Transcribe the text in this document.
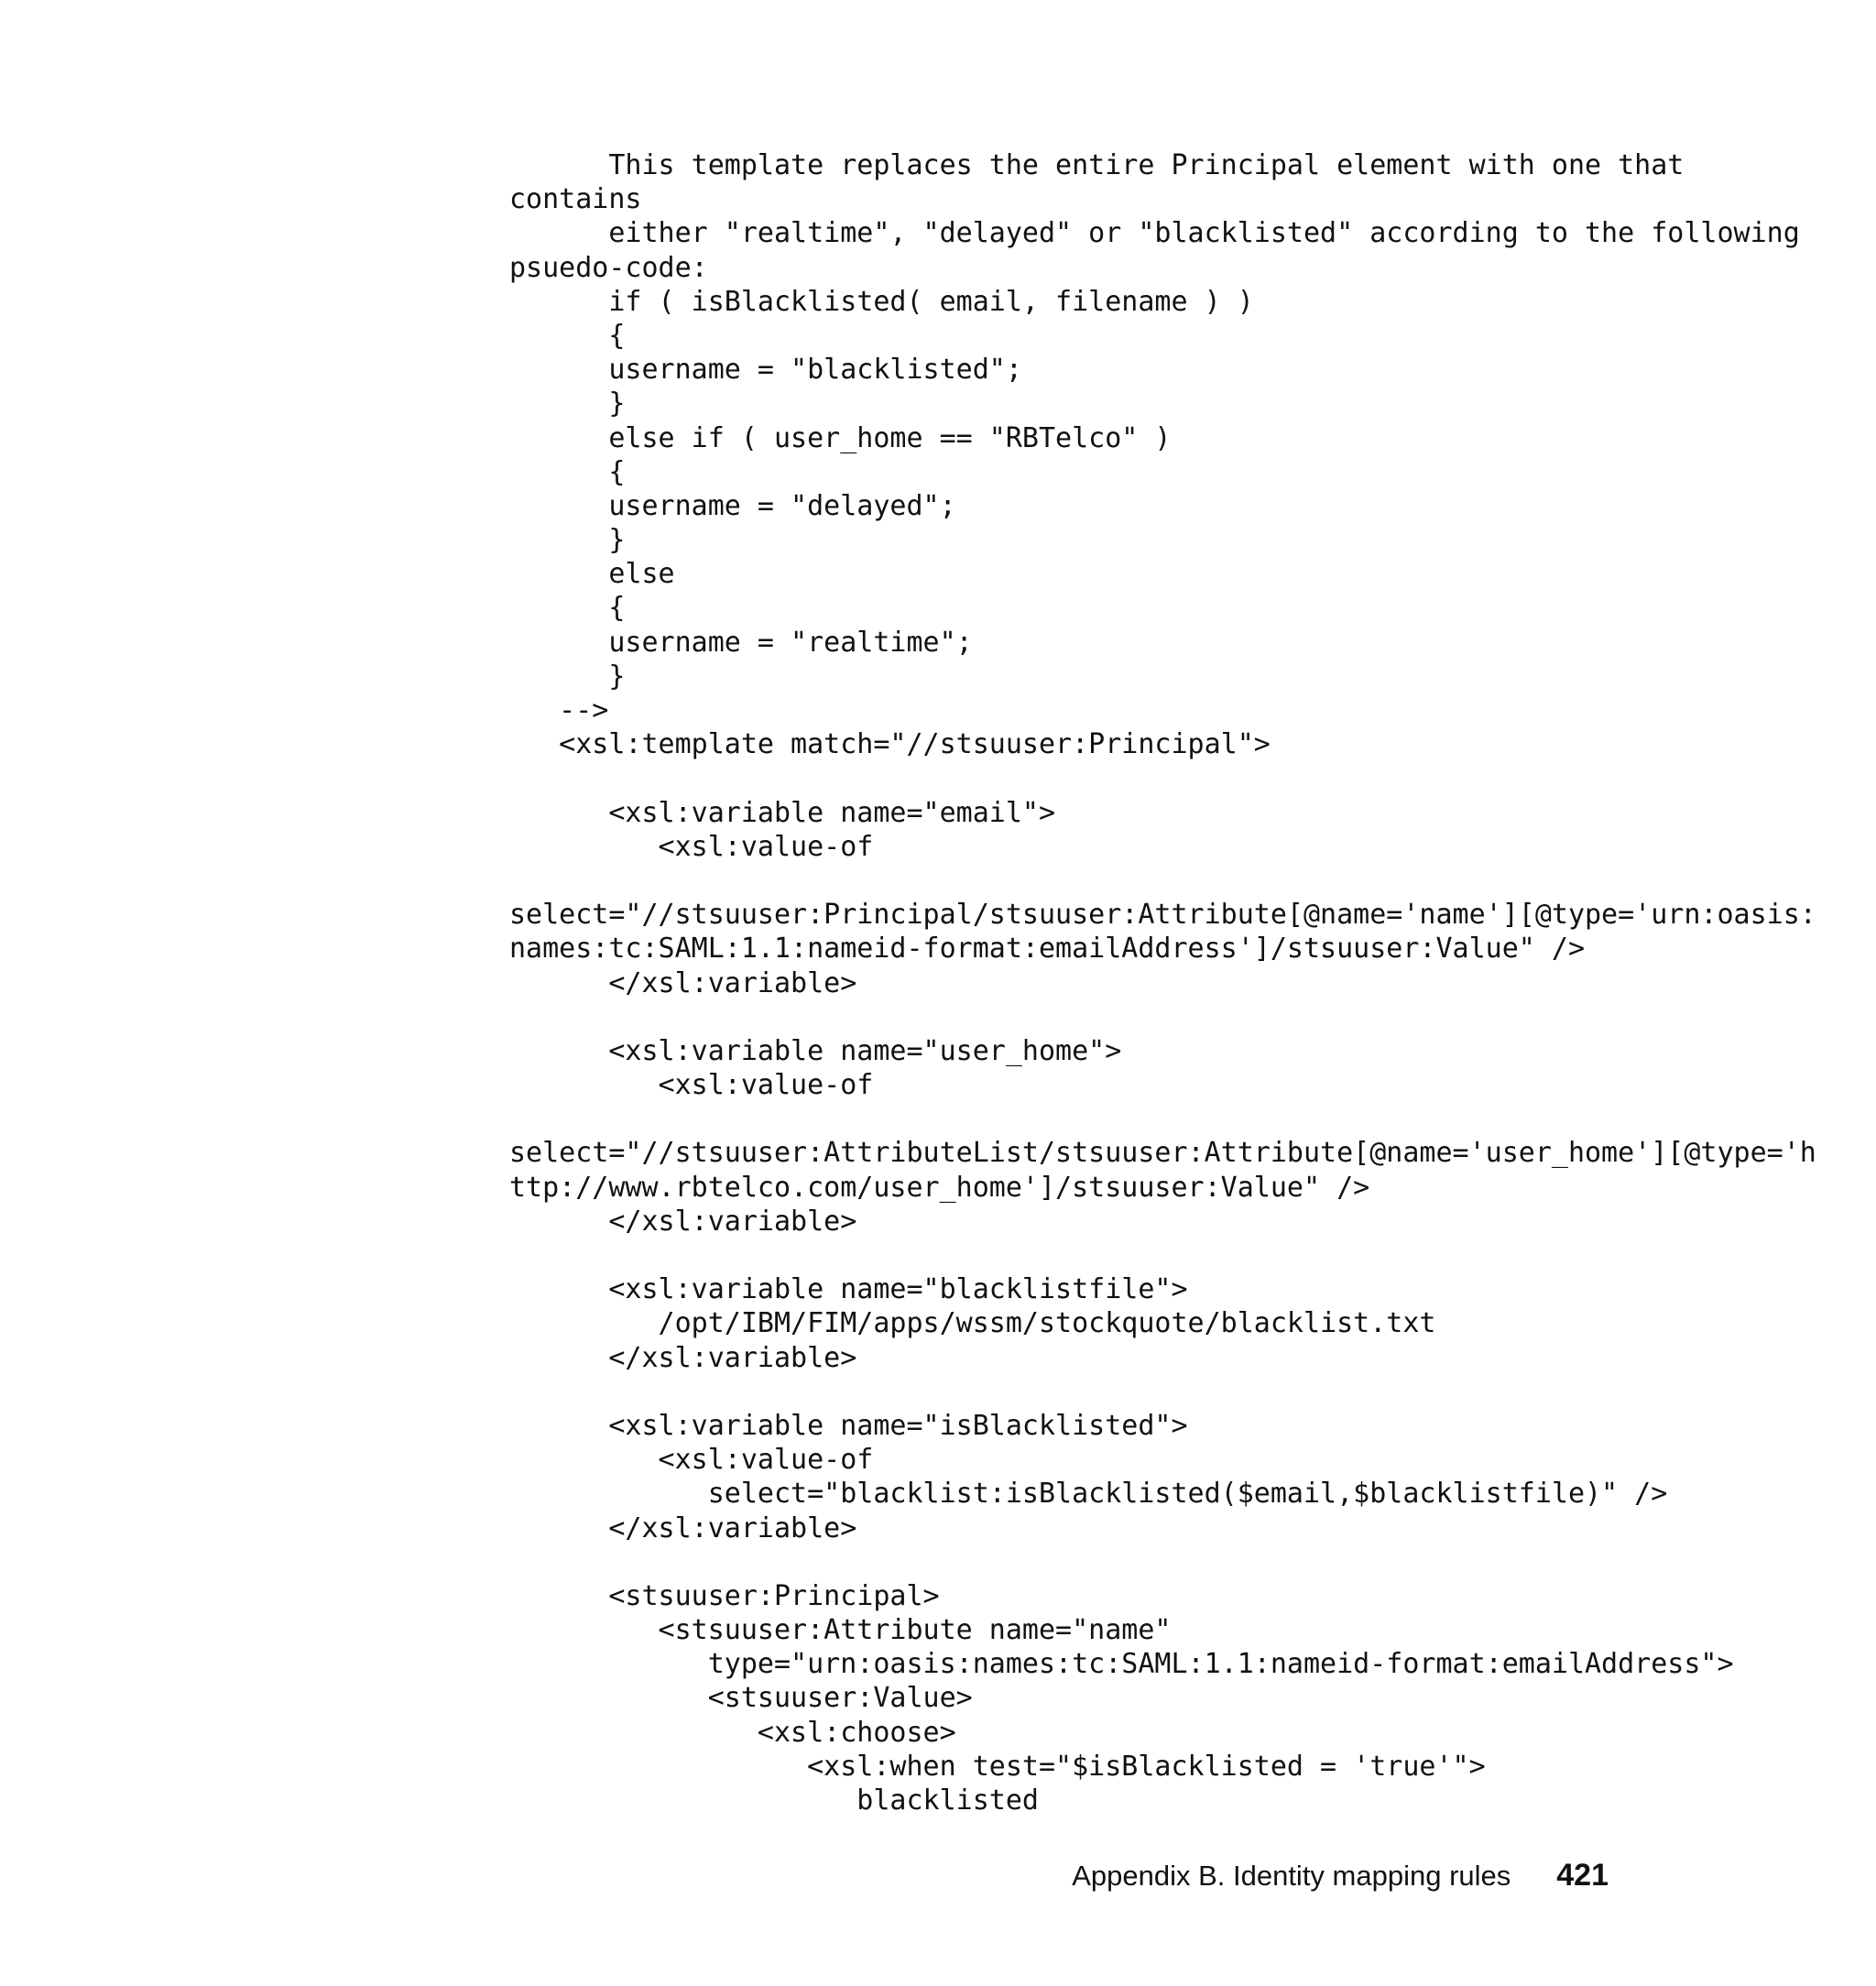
This template replaces the entire Principal element with one that
contains
either "realtime", "delayed" or "blacklisted" according to the following
psuedo-code:
if ( isBlacklisted( email, filename ) )
{
username = "blacklisted";
}
else if ( user_home == "RBTelco" )
{
username = "delayed";
}
else
{
username = "realtime";
}
-->
<xsl:template match="//stsuuser:Principal">
<xsl:variable name="email">
<xsl:value-of
select="//stsuuser:Principal/stsuuser:Attribute[@name='name'][@type='urn:oasis:
names:tc:SAML:1.1:nameid-format:emailAddress']/stsuuser:Value" />
</xsl:variable>
<xsl:variable name="user_home">
<xsl:value-of
select="//stsuuser:AttributeList/stsuuser:Attribute[@name='user_home'][@type='h
ttp://www.rbtelco.com/user_home']/stsuuser:Value" />
</xsl:variable>
<xsl:variable name="blacklistfile">
/opt/IBM/FIM/apps/wssm/stockquote/blacklist.txt
</xsl:variable>
<xsl:variable name="isBlacklisted">
<xsl:value-of
select="blacklist:isBlacklisted($email,$blacklistfile)" />
</xsl:variable>
<stsuuser:Principal>
<stsuuser:Attribute name="name"
type="urn:oasis:names:tc:SAML:1.1:nameid-format:emailAddress">
<stsuuser:Value>
<xsl:choose>
<xsl:when test="$isBlacklisted = 'true'">
blacklisted
Appendix B. Identity mapping rules 421
